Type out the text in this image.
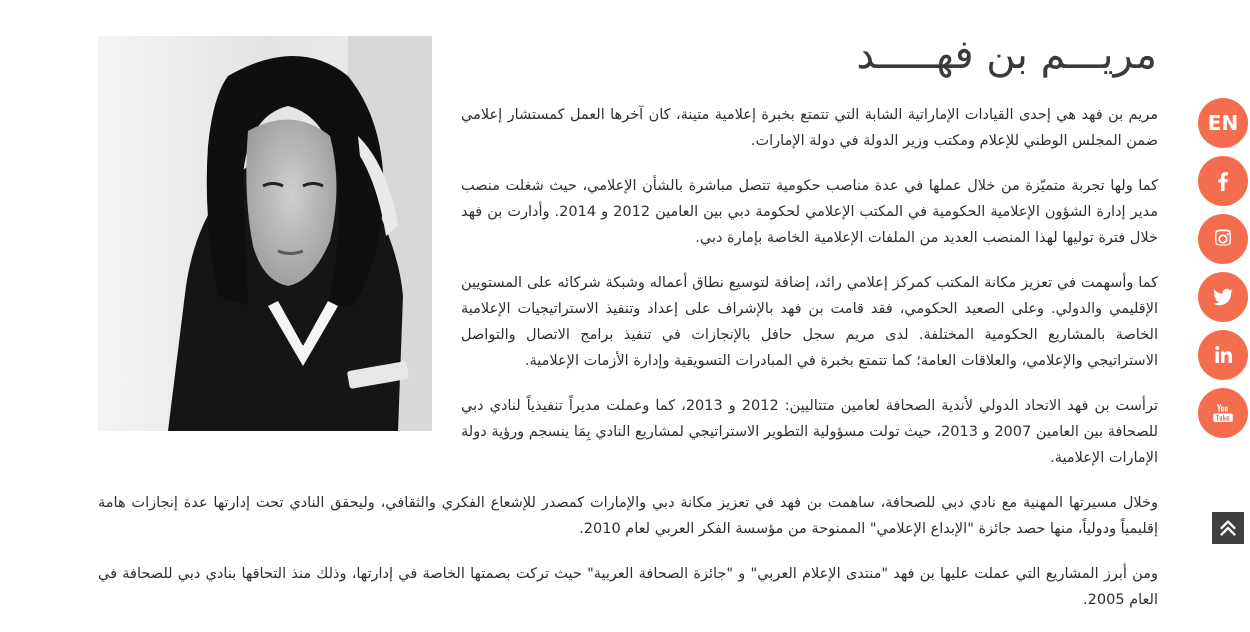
مريـــم بن فهـــــد

مريم بن فهد هي إحدى القيادات الإماراتية الشابة التي تتمتع بخبرة إعلامية متينة، كان آخرها العمل كمستشار إعلامي ضمن المجلس الوطني للإعلام ومكتب وزير الدولة في دولة الإمارات.

كما ولها تجربة متميّزة من خلال عملها في عدة مناصب حكومية تتصل مباشرة بالشأن الإعلامي، حيث شغلت منصب مدير إدارة الشؤون الإعلامية الحكومية في المكتب الإعلامي لحكومة دبي بين العامين 2012 و 2014. وأدارت بن فهد خلال فترة توليها لهذا المنصب العديد من الملفات الإعلامية الخاصة بإمارة دبي.

كما وأسهمت في تعزيز مكانة المكتب كمركز إعلامي رائد، إضافة لتوسيع نطاق أعماله وشبكة شركائه على المستويين الإقليمي والدولي. وعلى الصعيد الحكومي، فقد قامت بن فهد بالإشراف على إعداد وتنفيذ الاستراتيجيات الإعلامية الخاصة بالمشاريع الحكومية المختلفة. لدى مريم سجل حافل بالإنجازات في تنفيذ برامج الاتصال والتواصل الاستراتيجي والإعلامي، والعلاقات العامة؛ كما تتمتع بخبرة في المبادرات التسويقية وإدارة الأزمات الإعلامية.

ترأست بن فهد الاتحاد الدولي لأندية الصحافة لعامين متتاليين: 2012 و 2013، كما وعملت مديراً تنفيذياً لنادي دبي للصحافة بين العامين 2007 و 2013، حيث تولت مسؤولية التطوير الاستراتيجي لمشاريع النادي بِمَا ينسجم ورؤية دولة الإمارات الإعلامية.

وخلال مسيرتها المهنية مع نادي دبي للصحافة، ساهمت بن فهد في تعزيز مكانة دبي والإمارات كمصدر للإشعاع الفكري والثقافي، وليحقق النادي تحت إدارتها عدة إنجازات هامة إقليمياً ودولياً، منها حصد جائزة "الإبداع الإعلامي" الممنوحة من مؤسسة الفكر العربي لعام 2010.

ومن أبرز المشاريع التي عملت عليها بن فهد "منتدى الإعلام العربي" و "جائزة الصحافة العربية" حيث تركت بصمتها الخاصة في إدارتها، وذلك منذ التحاقها بنادي دبي للصحافة في العام 2005.

EN
